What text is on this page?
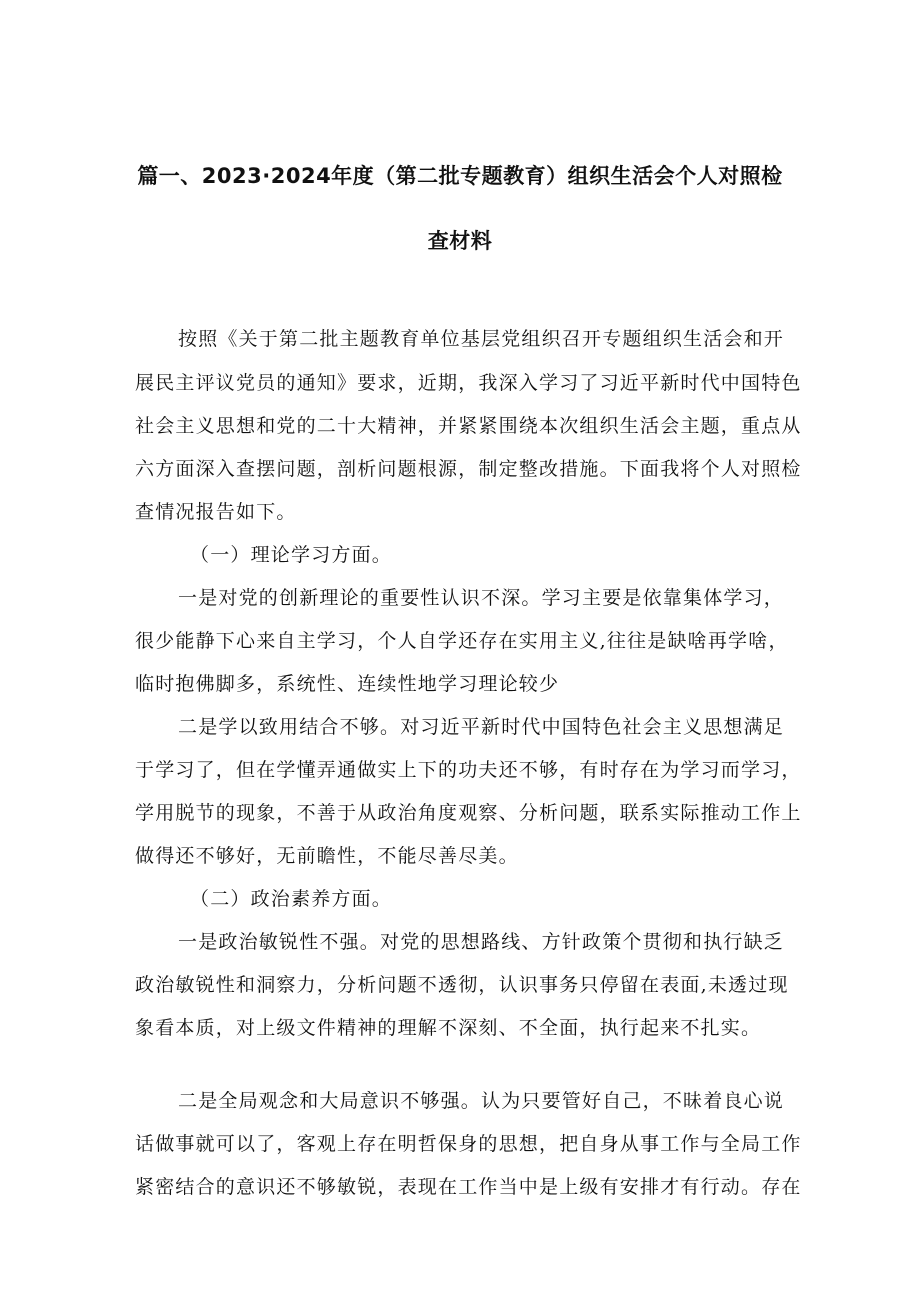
篇一、2023·2024年度（第二批专题教育）组织生活会个人对照检
查材料
按照《关于第二批主题教育单位基层党组织召开专题组织生活会和开
展民主评议党员的通知》要求，近期，我深入学习了习近平新时代中国特色
社会主义思想和党的二十大精神，并紧紧围绕本次组织生活会主题，重点从
六方面深入查摆问题，剖析问题根源，制定整改措施。下面我将个人对照检
查情况报告如下。
（一）理论学习方面。
一是对党的创新理论的重要性认识不深。学习主要是依靠集体学习，
很少能静下心来自主学习，个人自学还存在实用主义,往往是缺啥再学啥，
临时抱佛脚多，系统性、连续性地学习理论较少
二是学以致用结合不够。对习近平新时代中国特色社会主义思想满足
于学习了，但在学懂弄通做实上下的功夫还不够，有时存在为学习而学习，
学用脱节的现象，不善于从政治角度观察、分析问题，联系实际推动工作上
做得还不够好，无前瞻性，不能尽善尽美。
（二）政治素养方面。
一是政治敏锐性不强。对党的思想路线、方针政策个贯彻和执行缺乏
政治敏锐性和洞察力，分析问题不透彻，认识事务只停留在表面,未透过现
象看本质，对上级文件精神的理解不深刻、不全面，执行起来不扎实。
二是全局观念和大局意识不够强。认为只要管好自己，不昧着良心说
话做事就可以了，客观上存在明哲保身的思想，把自身从事工作与全局工作
紧密结合的意识还不够敏锐，表现在工作当中是上级有安排才有行动。存在
